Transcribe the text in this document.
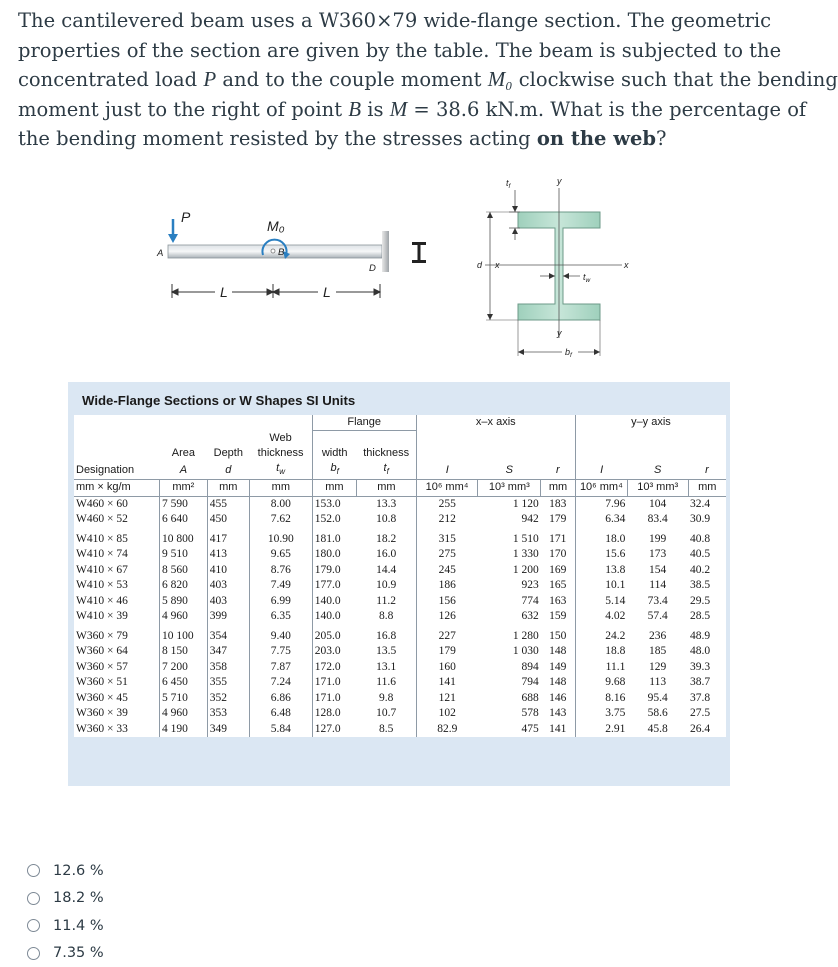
The cantilevered beam uses a W360×79 wide-flange section. The geometric
properties of the section are given by the table. The beam is subjected to the
concentrated load P and to the couple moment M₀ clockwise such that the bending
moment just to the right of point B is M = 38.6 kN.m. What is the percentage of
the bending moment resisted by the stresses acting on the web?
P
M₀
B
A
D
L	L
$t_f$
y
d x	x
$t_w$
y
$b_f$
Wide-Flange Sections or W Shapes SI Units
				Flange		x–x axis			y–y axis		
			Web								
	Area	Depth	thickness	width	thickness						
Designation	A	d	$t_w$	$b_f$	$t_f$	I	S	r	I	S	r
mm × kg/m	mm²	mm	mm	mm	mm	10⁶ mm⁴	10³ mm³	mm	10⁶ mm⁴	10³ mm³	mm
W460 × 60	7 590	455	8.00	153.0	13.3	255	1 120	183	7.96	104	32.4
W460 × 52	6 640	450	7.62	152.0	10.8	212	942	179	6.34	83.4	30.9
W410 × 85	10 800	417	10.90	181.0	18.2	315	1 510	171	18.0	199	40.8
W410 × 74	9 510	413	9.65	180.0	16.0	275	1 330	170	15.6	173	40.5
W410 × 67	8 560	410	8.76	179.0	14.4	245	1 200	169	13.8	154	40.2
W410 × 53	6 820	403	7.49	177.0	10.9	186	923	165	10.1	114	38.5
W410 × 46	5 890	403	6.99	140.0	11.2	156	774	163	5.14	73.4	29.5
W410 × 39	4 960	399	6.35	140.0	8.8	126	632	159	4.02	57.4	28.5
W360 × 79	10 100	354	9.40	205.0	16.8	227	1 280	150	24.2	236	48.9
W360 × 64	8 150	347	7.75	203.0	13.5	179	1 030	148	18.8	185	48.0
W360 × 57	7 200	358	7.87	172.0	13.1	160	894	149	11.1	129	39.3
W360 × 51	6 450	355	7.24	171.0	11.6	141	794	148	9.68	113	38.7
W360 × 45	5 710	352	6.86	171.0	9.8	121	688	146	8.16	95.4	37.8
W360 × 39	4 960	353	6.48	128.0	10.7	102	578	143	3.75	58.6	27.5
W360 × 33	4 190	349	5.84	127.0	8.5	82.9	475	141	2.91	45.8	26.4
12.6 %
18.2 %
11.4 %
7.35 %
